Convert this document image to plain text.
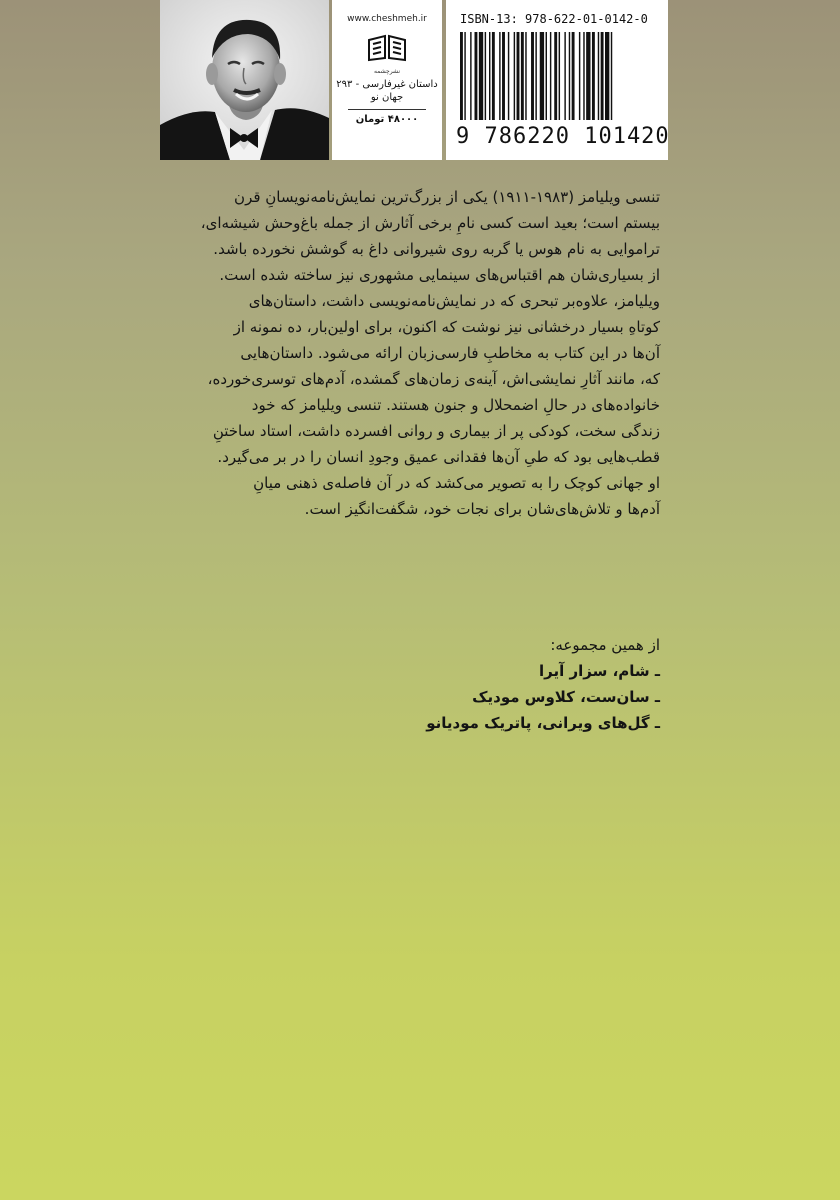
www.cheshmeh.ir
نشرچشمه
داستان غیرفارسی - ۲۹۳
جهان نو
۴۸۰۰۰ تومان
ISBN-13: 978-622-01-0142-0
9 786220 101420
تنسی ویلیامز (۱۹۸۳-۱۹۱۱) یکی از بزرگ‌ترین نمایش‌نامه‌نویسانِ قرن
بیستم است؛ بعید است کسی نامِ برخی آثارش از جمله باغ‌وحش شیشه‌ای،
تراموایی به نام هوس یا گربه روی شیروانی داغ به گوشش نخورده باشد.
از بسیاری‌شان هم اقتباس‌های سینمایی مشهوری نیز ساخته شده است.
ویلیامز، علاوه‌بر تبحری که در نمایش‌نامه‌نویسی داشت، داستان‌های
کوتاهِ بسیار درخشانی نیز نوشت که اکنون، برای اولین‌بار، ده نمونه از
آن‌ها در این کتاب به مخاطبِ فارسی‌زبان ارائه می‌شود. داستان‌هایی
که، مانند آثارِ نمایشی‌اش، آینه‌ی زمان‌های گمشده، آدم‌های توسری‌خورده،
خانواده‌های در حالِ اضمحلال و جنون هستند. تنسی ویلیامز که خود
زندگی سخت، کودکی پر از بیماری و روانی افسرده داشت، استاد ساختنِ
قطب‌هایی بود که طیِ آن‌ها فقدانی عمیق وجودِ انسان را در بر می‌گیرد.
او جهانی کوچک را به تصویر می‌کشد که در آن فاصله‌ی ذهنی میانِ
آدم‌ها و تلاش‌های‌شان برای نجات خود، شگفت‌انگیز است.
از همین مجموعه:
ـ شام، سزار آیرا
ـ سان‌ست، کلاوس مودیک
ـ گل‌های ویرانی، پاتریک مودیانو
